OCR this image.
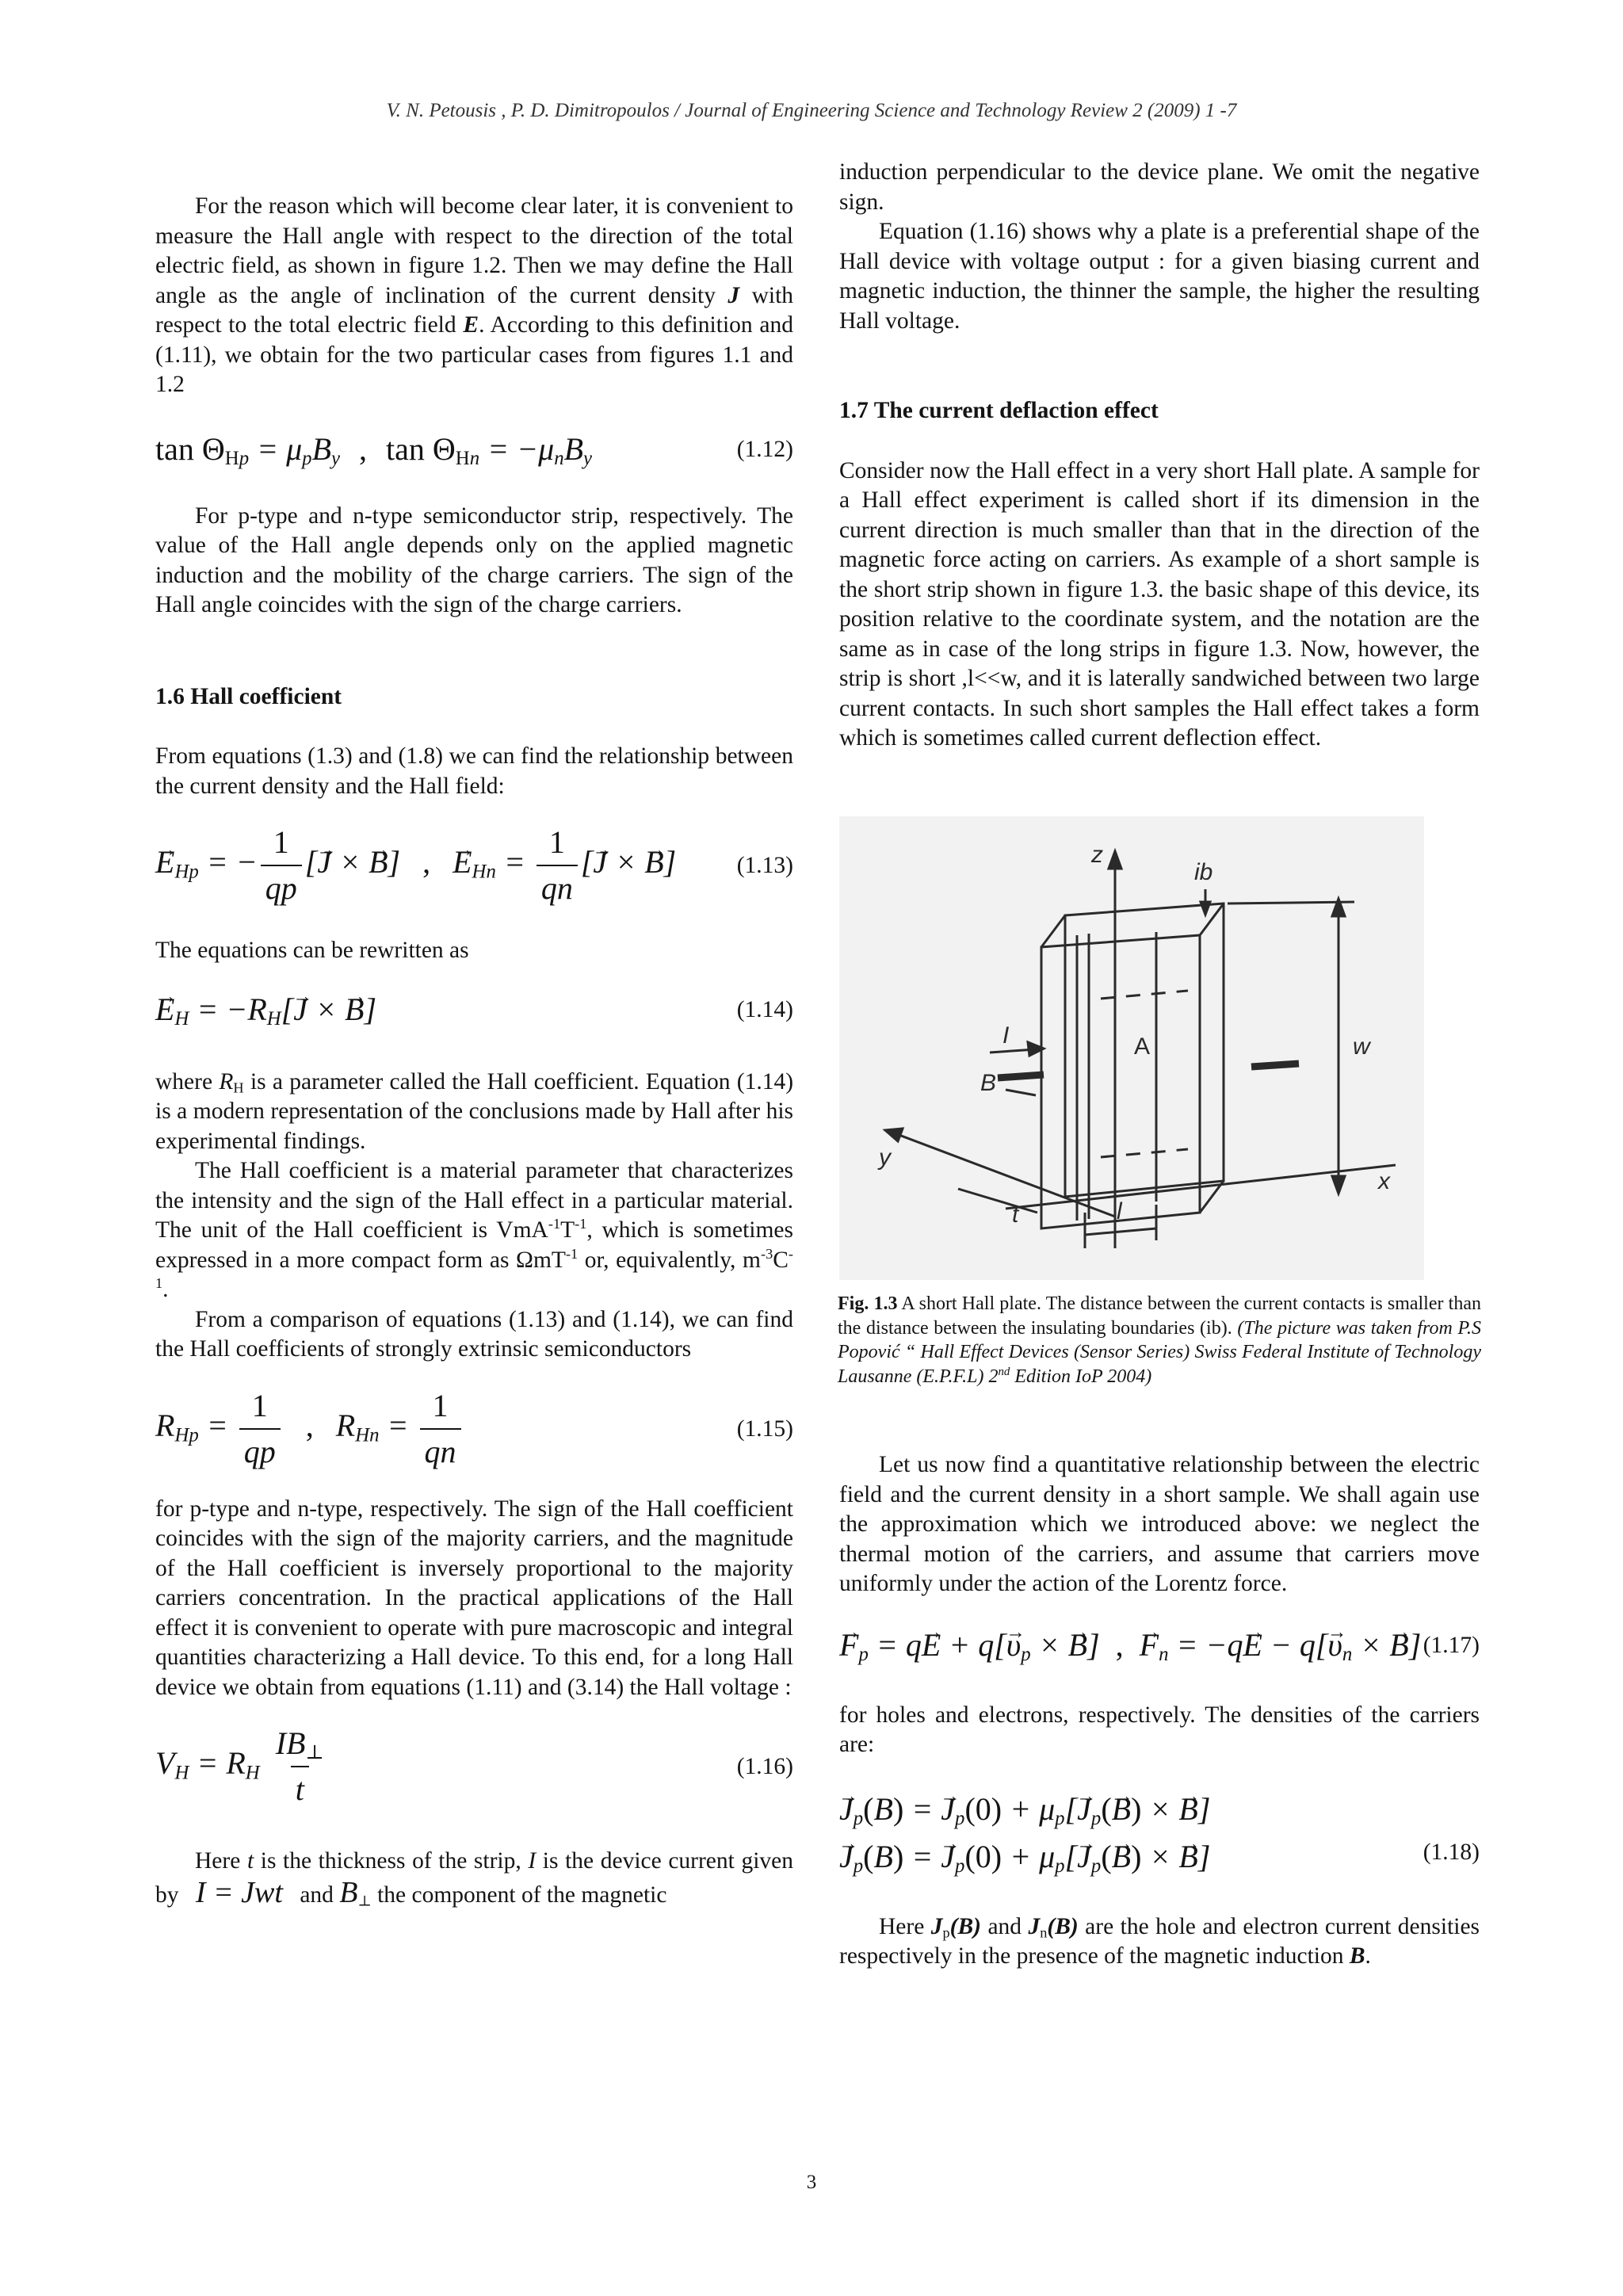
V. N. Petousis , P. D. Dimitropoulos / Journal of Engineering Science and Technology Review 2 (2009) 1 -7

For the reason which will become clear later, it is convenient to measure the Hall angle with respect to the direction of the total electric field, as shown in figure 1.2. Then we may define the Hall angle as the angle of inclination of the current density J with respect to the total electric field E. According to this definition and (1.11), we obtain for the two particular cases from figures 1.1 and 1.2

$\tan \Theta_{Hp} = \mu_pB_y$ , $\tan \Theta_{Hn} = -\mu_nB_y$	(1.12)

For p-type and n-type semiconductor strip, respectively. The value of the Hall angle depends only on the applied magnetic induction and the mobility of the charge carriers. The sign of the Hall angle coincides with the sign of the charge carriers.

1.6 Hall coefficient

From equations (1.3) and (1.8) we can find the relationship between the current density and the Hall field:

→ $E_{Hp}$ = − $\frac{1}{qp}$ [→ J × → B] , → $E_{Hn} = \frac{1}{qn}$ [→ J × → B]	(1.13)

The equations can be rewritten as

→ $E_H = -R_H[\to J$ × → B]	(1.14)

where $R_H$ is a parameter called the Hall coefficient. Equation (1.14) is a modern representation of the conclusions made by Hall after his experimental findings.

The Hall coefficient is a material parameter that characterizes the intensity and the sign of the Hall effect in a particular material. The unit of the Hall coefficient is $VmA^{-1}T^{-1}$, which is sometimes expressed in a more compact form as ΩmT$^{-1}$ or, equivalently, $m^{-3}C^{-1}$.

From a comparison of equations (1.13) and (1.14), we can find the Hall coefficients of strongly extrinsic semiconductors

$R_{Hp} = \frac{1}{qp}$ , $R_{Hn} = \frac{1}{qn}$	(1.15)

for p-type and n-type, respectively. The sign of the Hall coefficient coincides with the sign of the majority carriers, and the magnitude of the Hall coefficient is inversely proportional to the majority carriers concentration. In the practical applications of the Hall effect it is convenient to operate with pure macroscopic and integral quantities characterizing a Hall device. To this end, for a long Hall device we obtain from equations (1.11) and (3.14) the Hall voltage :

$V_H = R_H \frac{IB_\perp}{t}$	(1.16)

Here t is the thickness of the strip, I is the device current given by I = Jwt and $B_\perp$ the component of the magnetic

induction perpendicular to the device plane. We omit the negative sign.

Equation (1.16) shows why a plate is a preferential shape of the Hall device with voltage output : for a given biasing current and magnetic induction, the thinner the sample, the higher the resulting Hall voltage.

1.7 The current deflaction effect

Consider now the Hall effect in a very short Hall plate. A sample for a Hall effect experiment is called short if its dimension in the current direction is much smaller than that in the direction of the magnetic force acting on carriers. As example of a short sample is the short strip shown in figure 1.3. the basic shape of this device, its position relative to the coordinate system, and the notation are the same as in case of the long strips in figure 1.3. Now, however, the strip is short ,l<<w, and it is laterally sandwiched between two large current contacts. In such short samples the Hall effect takes a form which is sometimes called current deflection effect.

z
ib
w
A
I
B
y
t
x
l
Fig. 1.3 A short Hall plate. The distance between the current contacts is smaller than the distance between the insulating boundaries (ib). (The picture was taken from P.S Popović “ Hall Effect Devices (Sensor Series) Swiss Federal Institute of Technology Lausanne (E.P.F.L) 2nd Edition IoP 2004)

Let us now find a quantitative relationship between the electric field and the current density in a short sample. We shall again use the approximation which we introduced above: we neglect the thermal motion of the carriers, and assume that carriers move uniformly under the action of the Lorentz force.

→ $F_p = q\to E + q[\to \upsilon_p$ × → B] , → $F_n = -q\to E - q[\to \upsilon_n$ × → B] (1.17)

for holes and electrons, respectively. The densities of the carriers are:

→ $J_p(B)$ = → $J_p(0) + \mu_p[\to J_p(\to B)$ × → B]
→ $J_p(B)$ = → $J_p(0) + \mu_p[\to J_p(\to B)$ × → B]	(1.18)

Here $J_p(B)$ and $J_n(B)$ are the hole and electron current densities respectively in the presence of the magnetic induction B.

3
